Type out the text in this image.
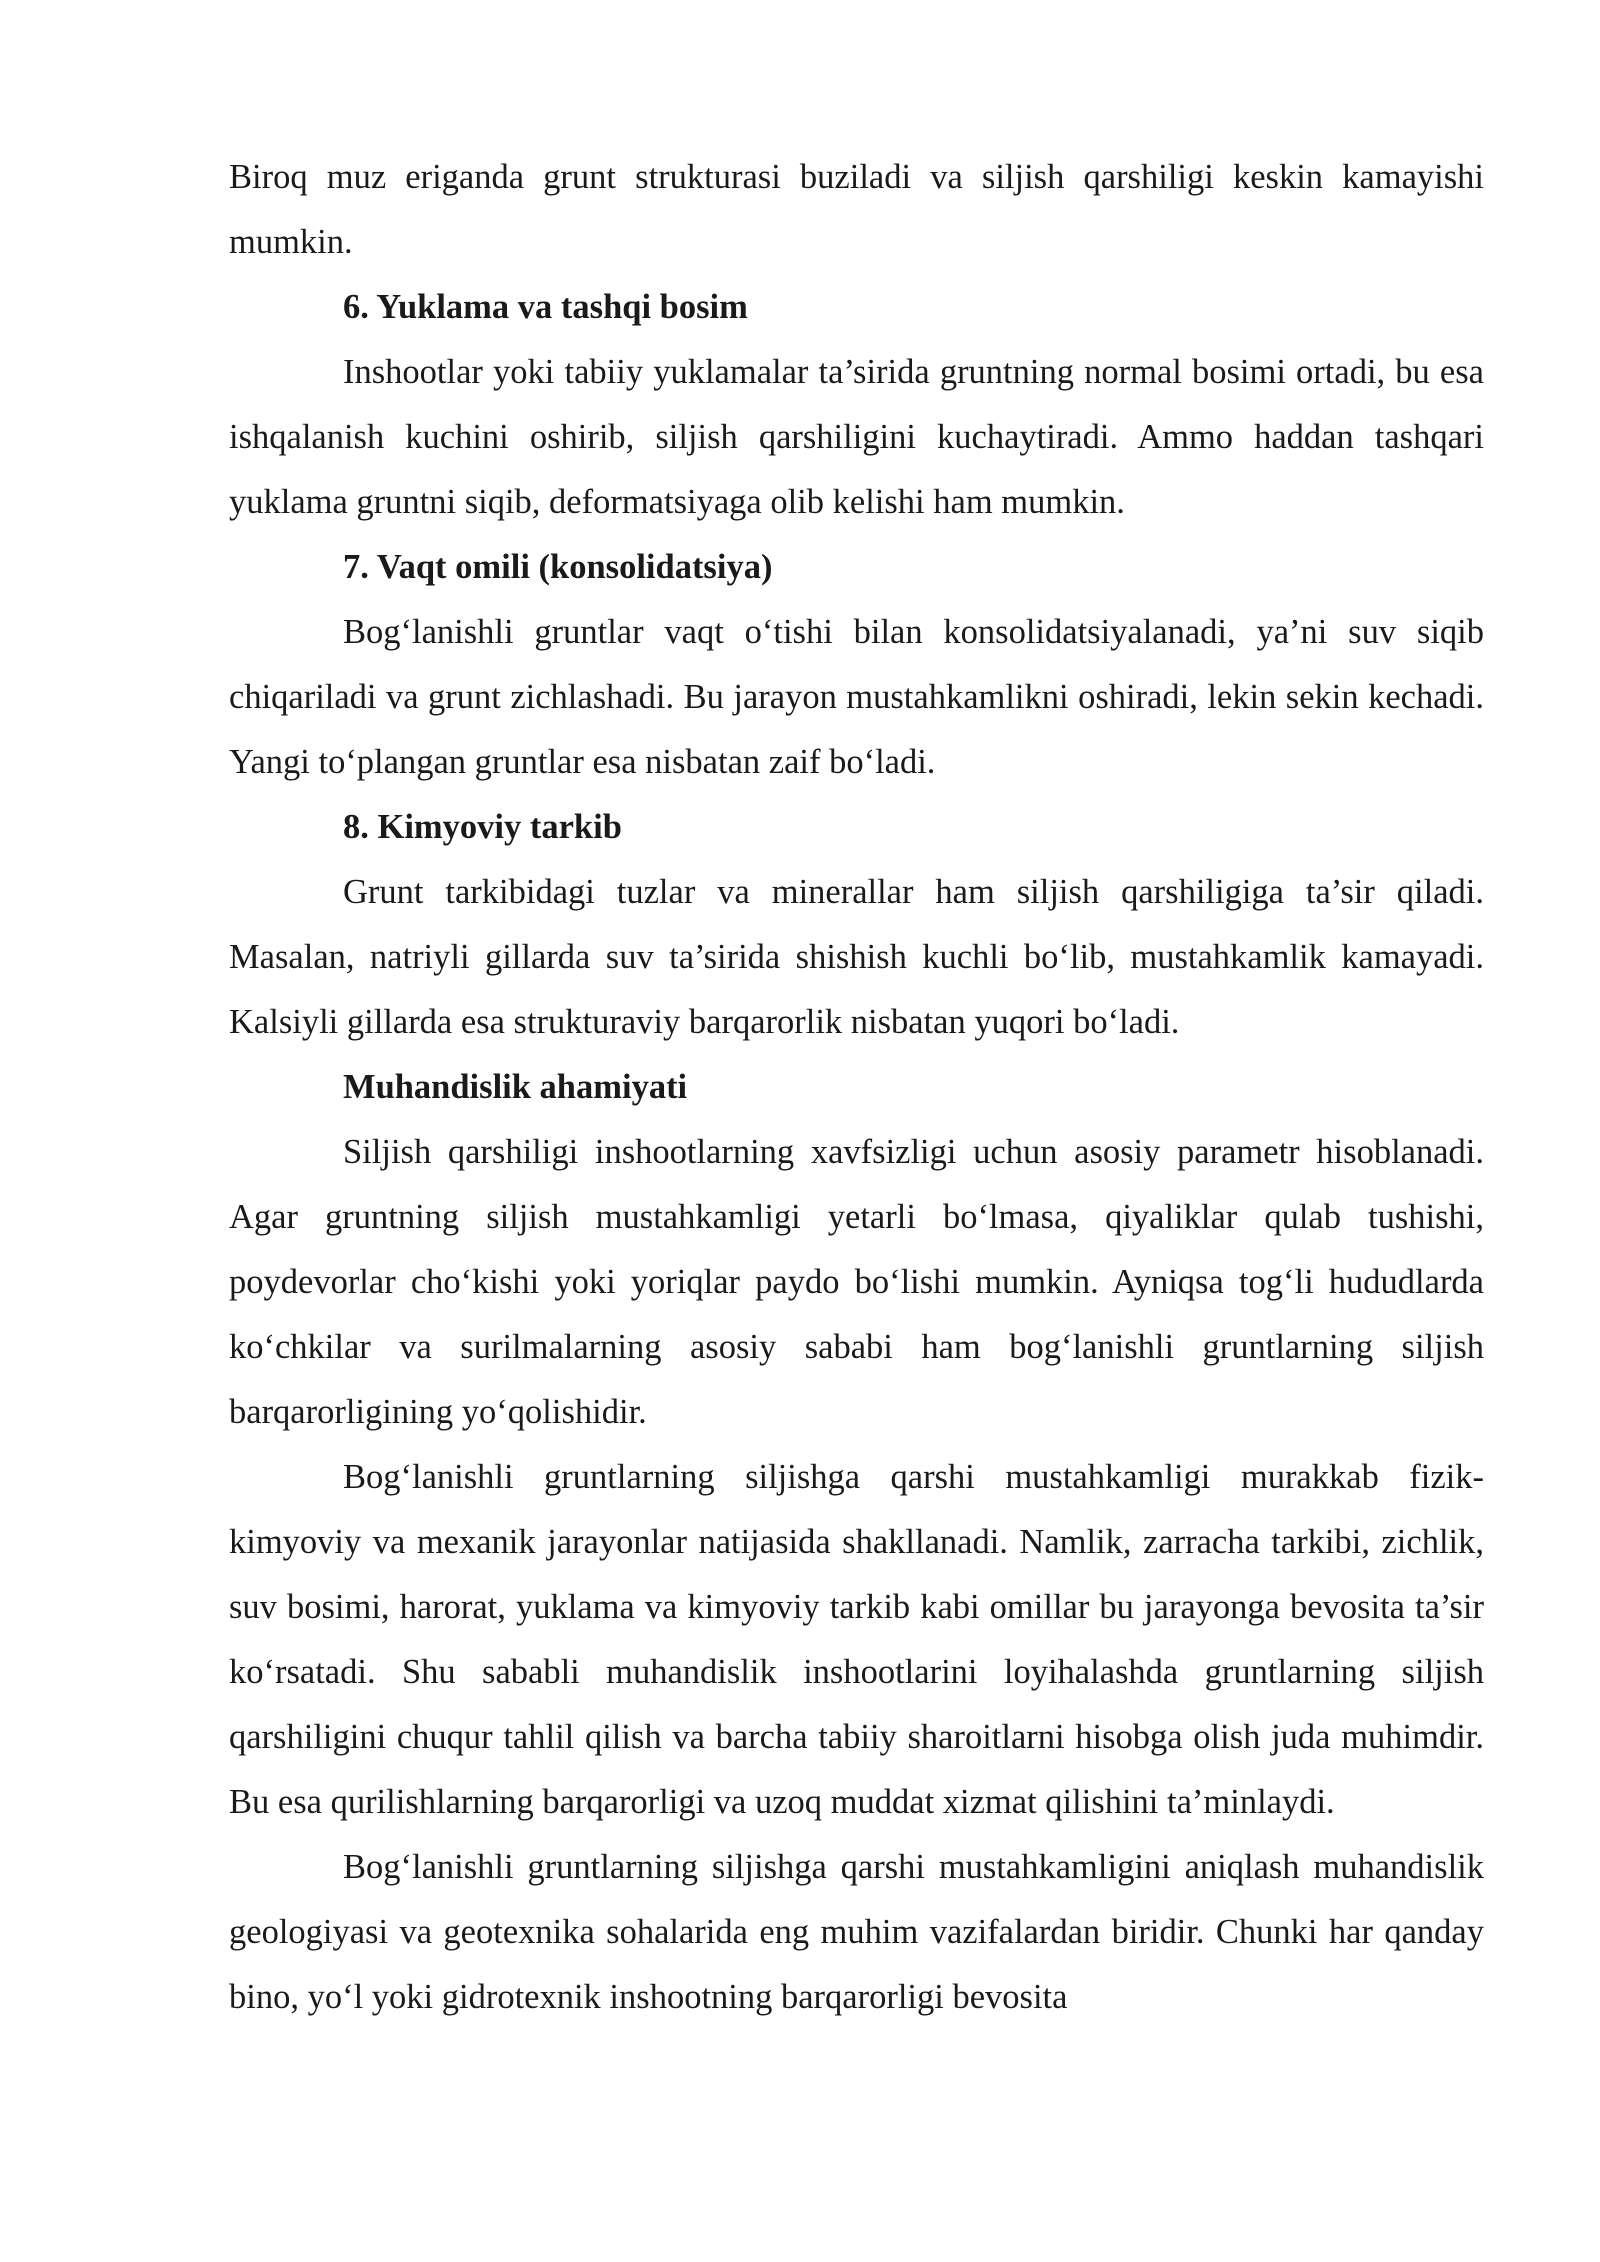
Biroq muz eriganda grunt strukturasi buziladi va siljish qarshiligi keskin kamayishi mumkin.

6. Yuklama va tashqi bosim

Inshootlar yoki tabiiy yuklamalar ta’sirida gruntning normal bosimi ortadi, bu esa ishqalanish kuchini oshirib, siljish qarshiligini kuchaytiradi. Ammo haddan tashqari yuklama gruntni siqib, deformatsiyaga olib kelishi ham mumkin.

7. Vaqt omili (konsolidatsiya)

Bog‘lanishli gruntlar vaqt o‘tishi bilan konsolidatsiyalanadi, ya’ni suv siqib chiqariladi va grunt zichlashadi. Bu jarayon mustahkamlikni oshiradi, lekin sekin kechadi. Yangi to‘plangan gruntlar esa nisbatan zaif bo‘ladi.

8. Kimyoviy tarkib

Grunt tarkibidagi tuzlar va minerallar ham siljish qarshiligiga ta’sir qiladi. Masalan, natriyli gillarda suv ta’sirida shishish kuchli bo‘lib, mustahkamlik kamayadi. Kalsiyli gillarda esa strukturaviy barqarorlik nisbatan yuqori bo‘ladi.

Muhandislik ahamiyati

Siljish qarshiligi inshootlarning xavfsizligi uchun asosiy parametr hisoblanadi. Agar gruntning siljish mustahkamligi yetarli bo‘lmasa, qiyaliklar qulab tushishi, poydevorlar cho‘kishi yoki yoriqlar paydo bo‘lishi mumkin. Ayniqsa tog‘li hududlarda ko‘chkilar va surilmalarning asosiy sababi ham bog‘lanishli gruntlarning siljish barqarorligining yo‘qolishidir.

Bog‘lanishli gruntlarning siljishga qarshi mustahkamligi murakkab fizik-kimyoviy va mexanik jarayonlar natijasida shakllanadi. Namlik, zarracha tarkibi, zichlik, suv bosimi, harorat, yuklama va kimyoviy tarkib kabi omillar bu jarayonga bevosita ta’sir ko‘rsatadi. Shu sababli muhandislik inshootlarini loyihalashda gruntlarning siljish qarshiligini chuqur tahlil qilish va barcha tabiiy sharoitlarni hisobga olish juda muhimdir. Bu esa qurilishlarning barqarorligi va uzoq muddat xizmat qilishini ta’minlaydi.

Bog‘lanishli gruntlarning siljishga qarshi mustahkamligini aniqlash muhandislik geologiyasi va geotexnika sohalarida eng muhim vazifalardan biridir. Chunki har qanday bino, yo‘l yoki gidrotexnik inshootning barqarorligi bevosita
